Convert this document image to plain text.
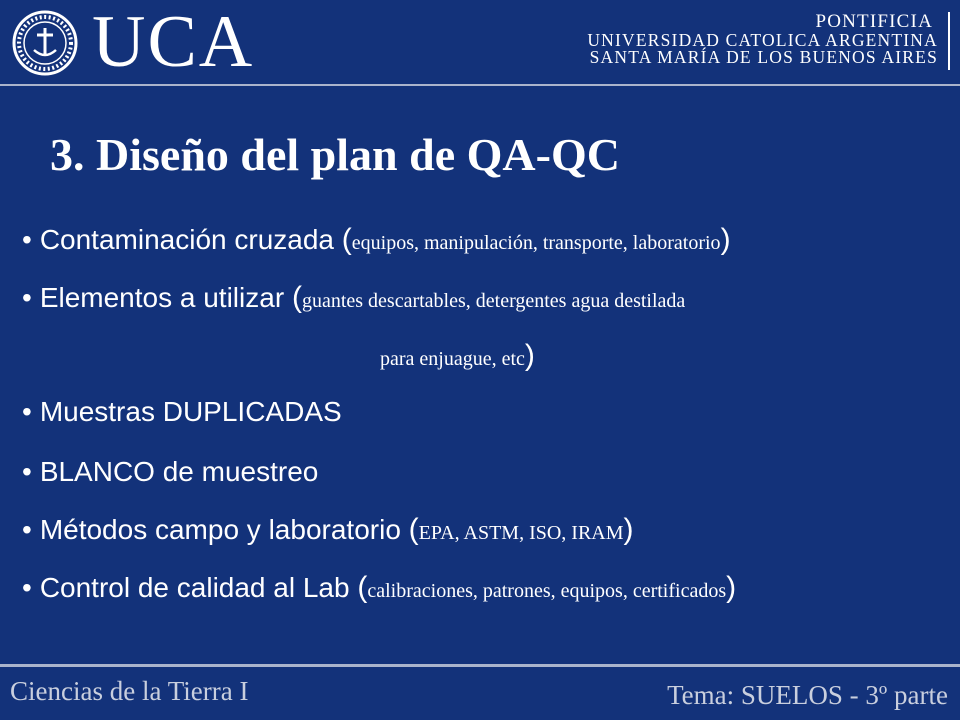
UCA	PONTIFICIA
UNIVERSIDAD CATOLICA ARGENTINA
SANTA MARÍA DE LOS BUENOS AIRES
3. Diseño del plan de QA-QC
• Contaminación cruzada (equipos, manipulación, transporte, laboratorio)
• Elementos a utilizar (guantes descartables, detergentes agua destilada
para enjuague, etc)
• Muestras DUPLICADAS
• BLANCO de muestreo
• Métodos campo y laboratorio (EPA, ASTM, ISO, IRAM)
• Control de calidad al Lab (calibraciones, patrones, equipos, certificados)
Ciencias de la Tierra I	Tema: SUELOS - 3º parte
